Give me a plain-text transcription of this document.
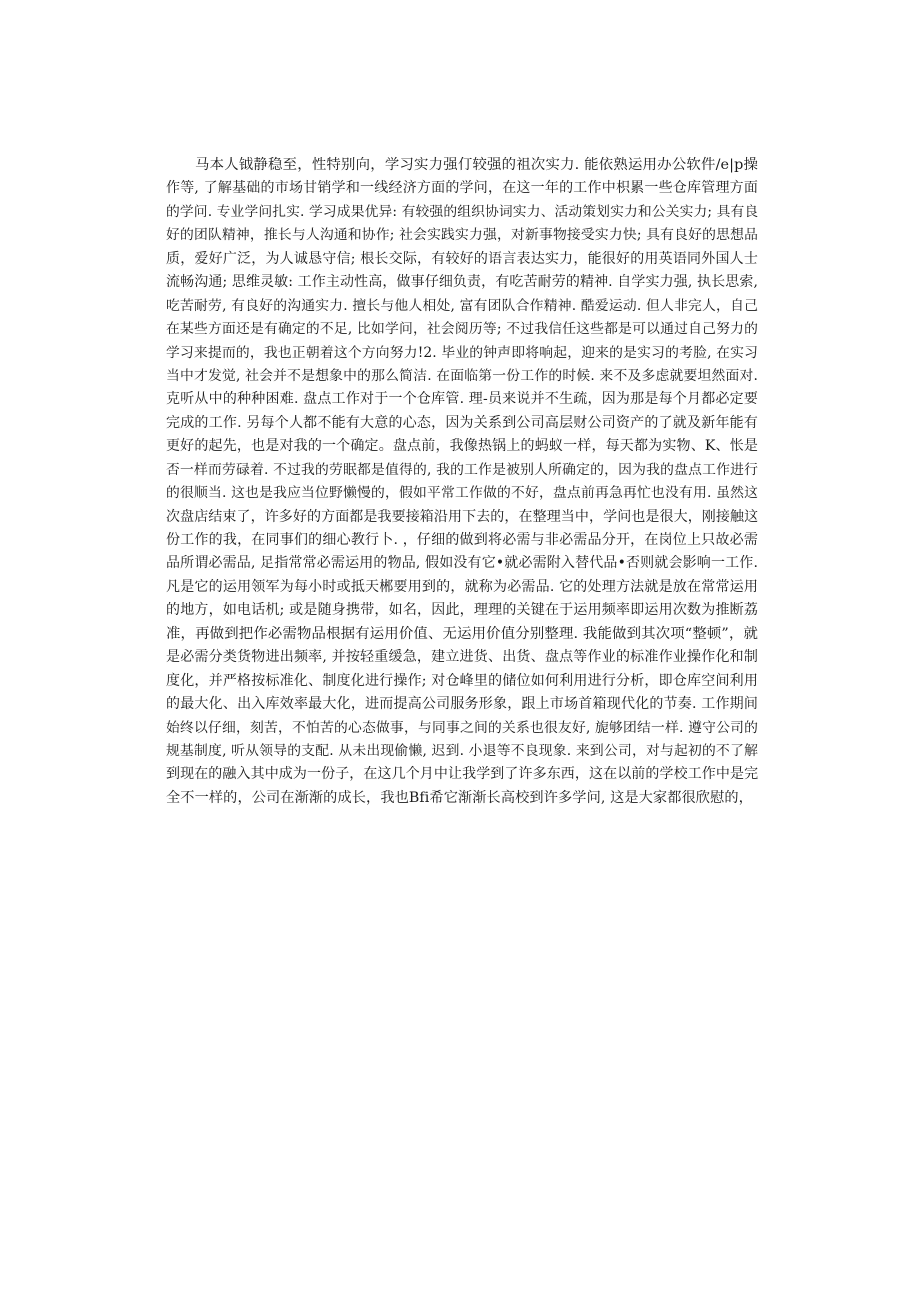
马本人钺静稳至，性特别向，学习实力强仃较强的祖次实力. 能依熟运用办公软件/e|p操
作等, 了解基础的市场甘销学和一线经济方面的学问，在这一年的工作中枳累一些仓库管理方面
的学问. 专业学问扎实. 学习成果优异: 有较强的组织协词实力、活动策划实力和公关实力; 具有良
好的团队精神，推长与人沟通和协作; 社会实践实力强，对新事物接受实力快; 具有良好的思想品
质，爱好广泛，为人诚恳守信; 根长交际，有较好的语言表达实力，能很好的用英语同外国人士
流畅沟通; 思维灵敏: 工作主动性高，做事仔细负责，有吃苦耐劳的精神. 自学实力强, 执长思索,
吃苦耐劳, 有良好的沟通实力. 擅长与他人相处, 富有团队合作精神. 酷爱运动. 但人非完人，自己
在某些方面还是有确定的不足, 比如学问，社会阅历等; 不过我信任这些都是可以通过自己努力的
学习来提而的，我也正朝着这个方向努力!2. 毕业的钟声即将响起，迎来的是实习的考脸, 在实习
当中才发觉, 社会并不是想象中的那么简洁. 在面临第一份工作的时候. 来不及多虑就要坦然面对.
克听从中的种种困难. 盘点工作对于一个仓库管. 理-员来说并不生疏，因为那是每个月都必定要
完成的工作. 另每个人都不能有大意的心态，因为关系到公司高层财公司资产的了就及新年能有
更好的起先，也是对我的一个确定。盘点前，我像热锅上的蚂蚁一样，每天都为实物、K、怅是
否一样而劳碌着. 不过我的劳眠都是值得的, 我的工作是被别人所确定的，因为我的盘点工作进行
的很顺当. 这也是我应当位野懒慢的，假如平常工作做的不好，盘点前再急再忙也没有用. 虽然这
次盘店结束了，许多好的方面都是我要接箱沿用下去的，在整理当中，学问也是很大，刚接触这
份工作的我，在同事们的细心教行卜. ，仔细的做到将必需与非必需品分开，在岗位上只故必需
品所谓必需品, 足指常常必需运用的物品, 假如没有它•就必需附入替代品•否则就会影响一工作.
凡是它的运用领军为每小时或抵天郴要用到的，就称为必需品. 它的处理方法就是放在常常运用
的地方，如电话机; 或是随身携带，如名，因此，理理的关键在于运用频率即运用次数为推断荔
准，再做到把作必需物品根据有运用价值、无运用价值分别整理. 我能做到其次项“整顿”，就
是必需分类货物进出频率, 并按轻重缓急，建立进货、出货、盘点等作业的标准作业操作化和制
度化，并严格按标准化、制度化进行操作; 对仓峰里的储位如何利用进行分析，即仓库空间利用
的最大化、出入库效率最大化，进而提高公司服务形象，跟上市场首箱现代化的节奏. 工作期间
始终以仔细，刻苦，不怕苦的心态做事，与同事之间的关系也很友好, 旎够团结一样. 遵守公司的
规基制度, 听从领导的支配. 从未出现偷懒, 迟到. 小退等不良现象. 来到公司，对与起初的不了解
到现在的融入其中成为一份子，在这几个月中让我学到了许多东西，这在以前的学校工作中是完
全不一样的，公司在渐渐的成长，我也Bfi希它渐渐长高校到许多学问, 这是大家都很欣慰的，
